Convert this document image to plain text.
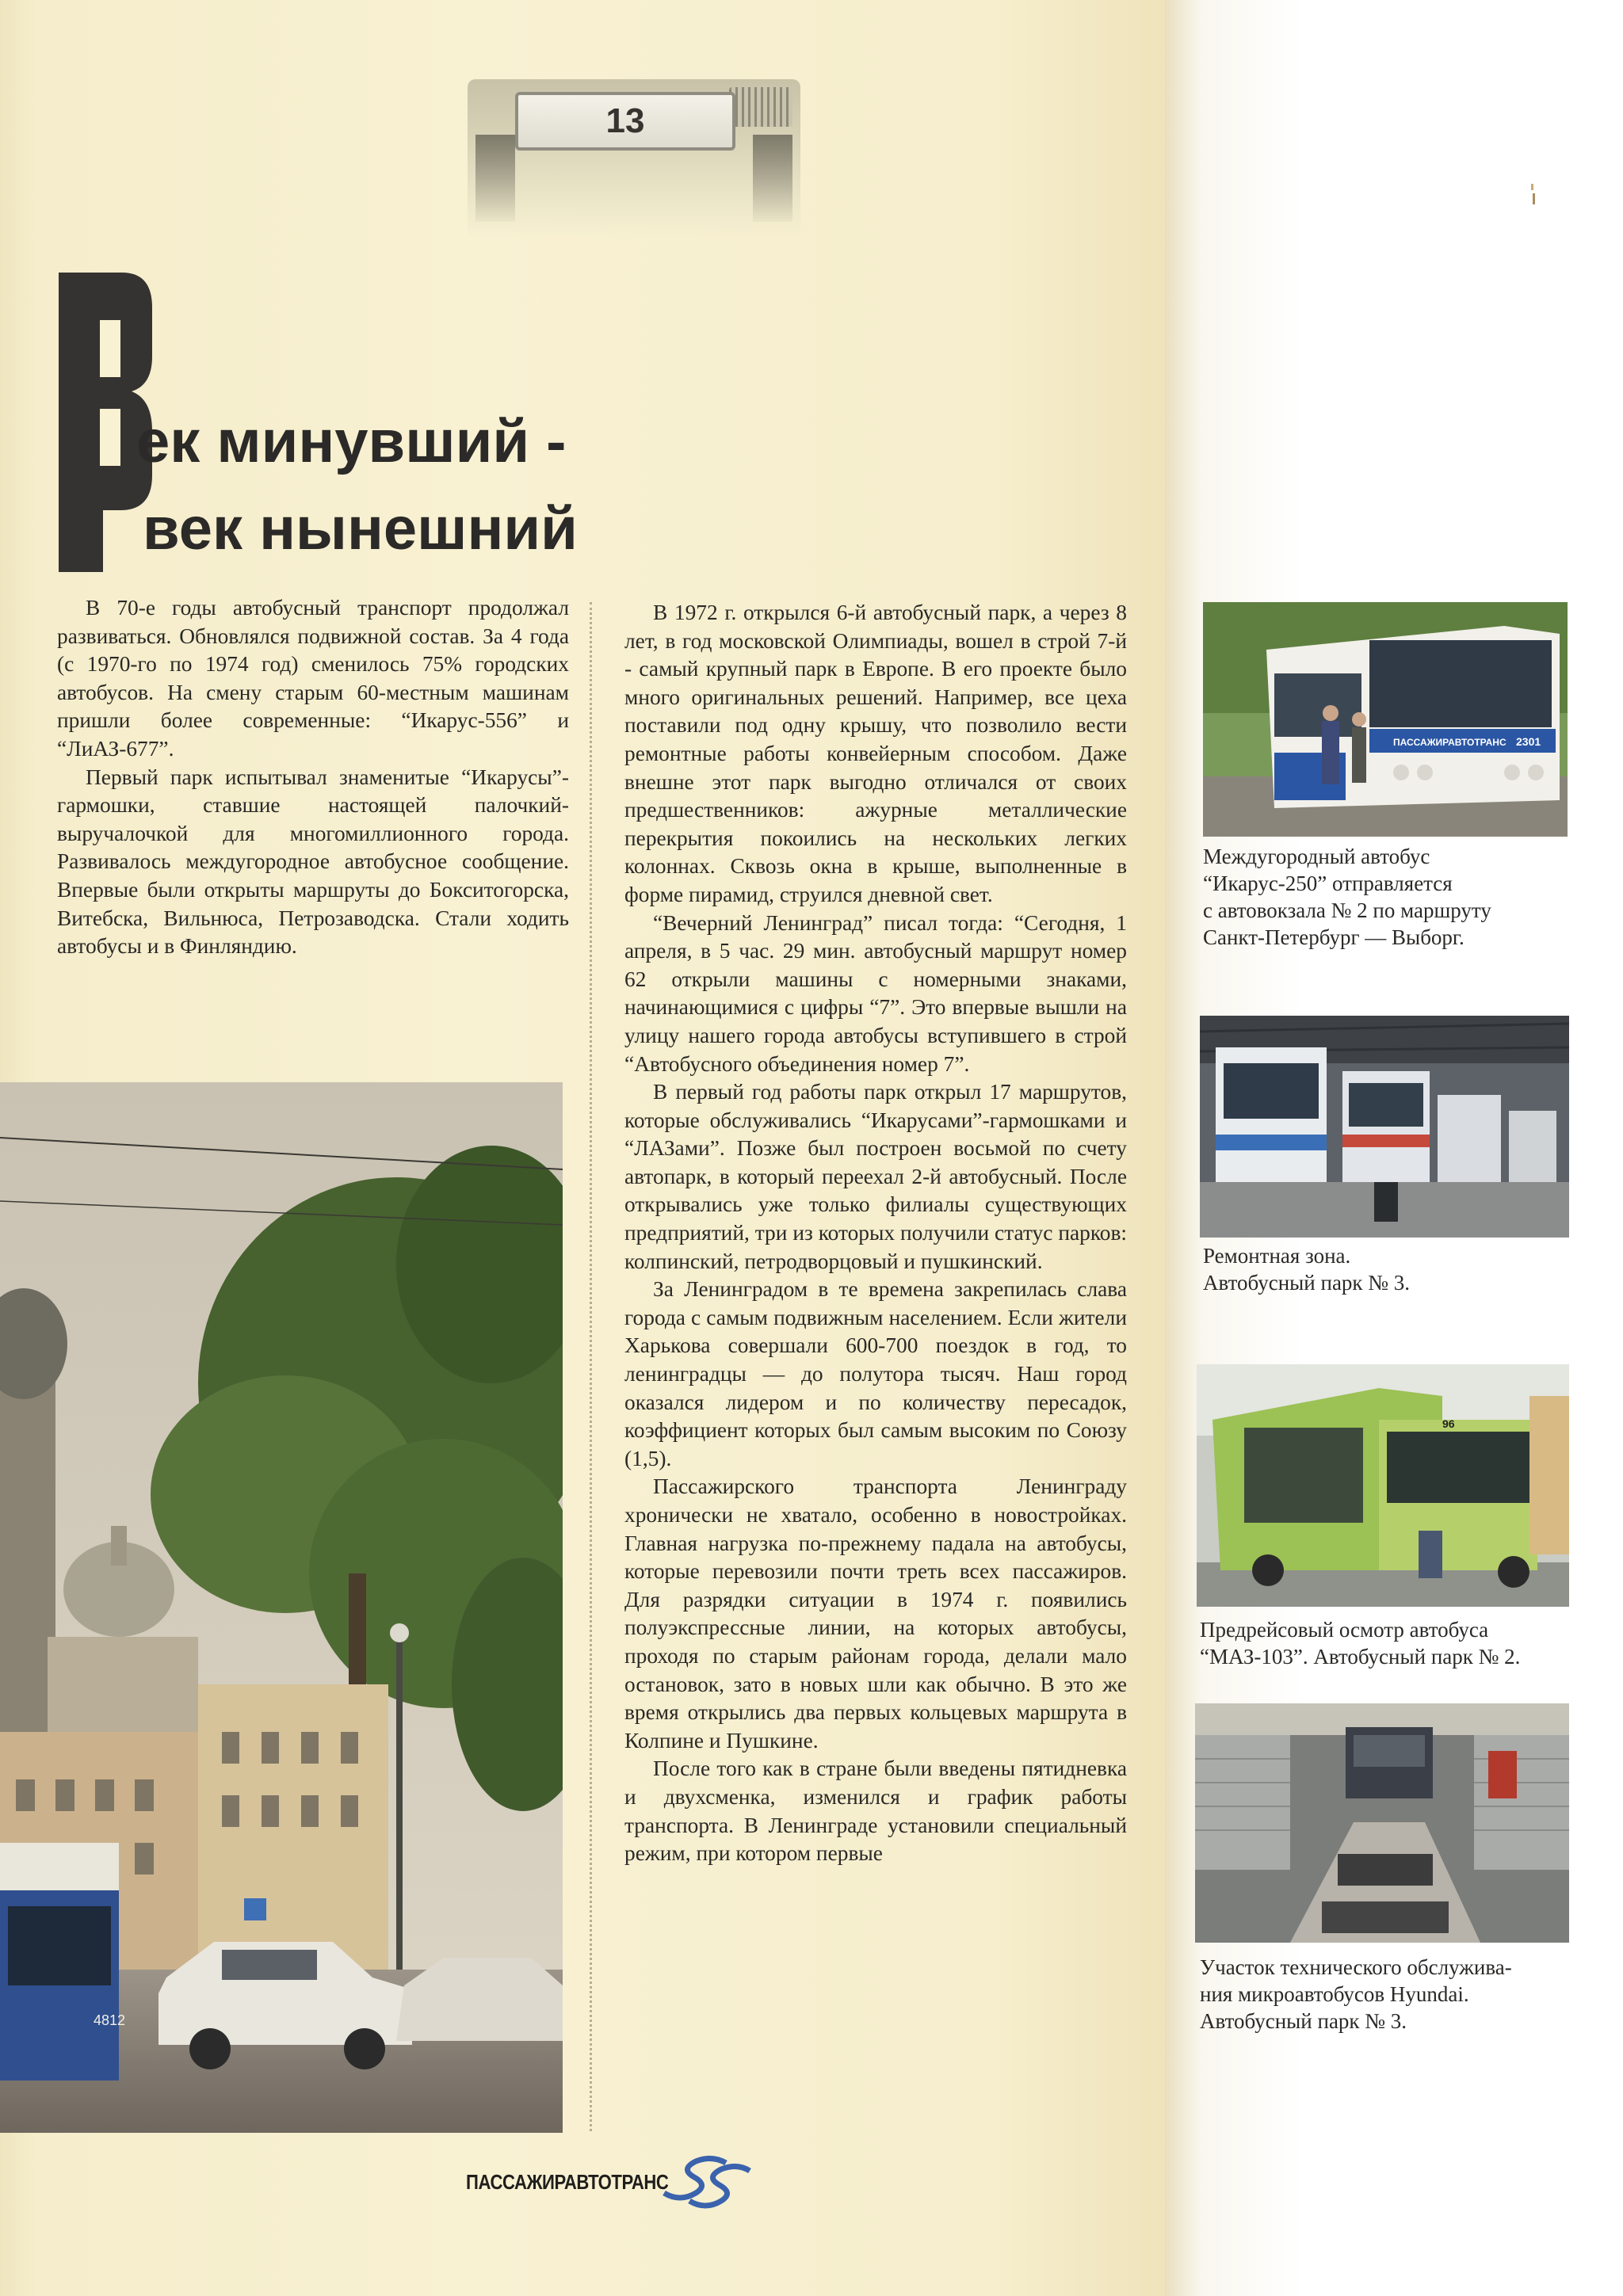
13
ек минувший -
век нынешний

В 70-е годы автобусный транспорт продолжал развиваться. Обновлялся подвижной состав. За 4 года (с 1970-го по 1974 год) сменилось 75% городских автобусов. На смену старым 60-местным машинам пришли более современные: “Икарус-556” и “ЛиАЗ-677”.

Первый парк испытывал знаменитые “Икарусы”-гармошки, ставшие настоящей палочкий-выручалочкой для многомиллионного города. Развивалось междугородное автобусное сообщение. Впервые были открыты маршруты до Бокситогорска, Витебска, Вильнюса, Петрозаводска. Стали ходить автобусы и в Финляндию.

В 1972 г. открылся 6-й автобусный парк, а через 8 лет, в год московской Олимпиады, вошел в строй 7-й - самый крупный парк в Европе. В его проекте было много оригинальных решений. Например, все цеха поставили под одну крышу, что позволило вести ремонтные работы конвейерным способом. Даже внешне этот парк выгодно отличался от своих предшественников: ажурные металлические перекрытия покоились на нескольких легких колоннах. Сквозь окна в крыше, выполненные в форме пирамид, струился дневной свет.

“Вечерний Ленинград” писал тогда: “Сегодня, 1 апреля, в 5 час. 29 мин. автобусный маршрут номер 62 открыли машины с номерными знаками, начинающимися с цифры “7”. Это впервые вышли на улицу нашего города автобусы вступившего в строй “Автобусного объединения номер 7”.

В первый год работы парк открыл 17 маршрутов, которые обслуживались “Икарусами”-гармошками и “ЛАЗами”. Позже был построен восьмой по счету автопарк, в который переехал 2-й автобусный. После открывались уже только филиалы существующих предприятий, три из которых получили статус парков: колпинский, петродворцовый и пушкинский.

За Ленинградом в те времена закрепилась слава города с самым подвижным населением. Если жители Харькова совершали 600-700 поездок в год, то ленинградцы — до полутора тысяч. Наш город оказался лидером и по количеству пересадок, коэффициент которых был самым высоким по Союзу (1,5).

Пассажирского транспорта Ленинграду хронически не хватало, особенно в новостройках. Главная нагрузка по-прежнему падала на автобусы, которые перевозили почти треть всех пассажиров. Для разрядки ситуации в 1974 г. появились полуэкспрессные линии, на которых автобусы, проходя по старым районам города, делали мало остановок, зато в новых шли как обычно. В это же время открылись два первых кольцевых маршрута в Колпине и Пушкине.

После того как в стране были введены пятидневка и двухсменка, изменился и график работы транспорта. В Ленинграде установили специальный режим, при котором первые

4812
ПАССАЖИРАВТОТРАНС 2301
Междугородный автобус
“Икарус-250” отправляется
с автовокзала № 2 по маршруту
Санкт-Петербург — Выборг.
Ремонтная зона.
Автобусный парк № 3.
96
Предрейсовый осмотр автобуса
“МАЗ-103”. Автобусный парк № 2.
Участок технического обслужива-
ния микроавтобусов Hyundai.
Автобусный парк № 3.
ПАССАЖИРАВТОТРАНС
